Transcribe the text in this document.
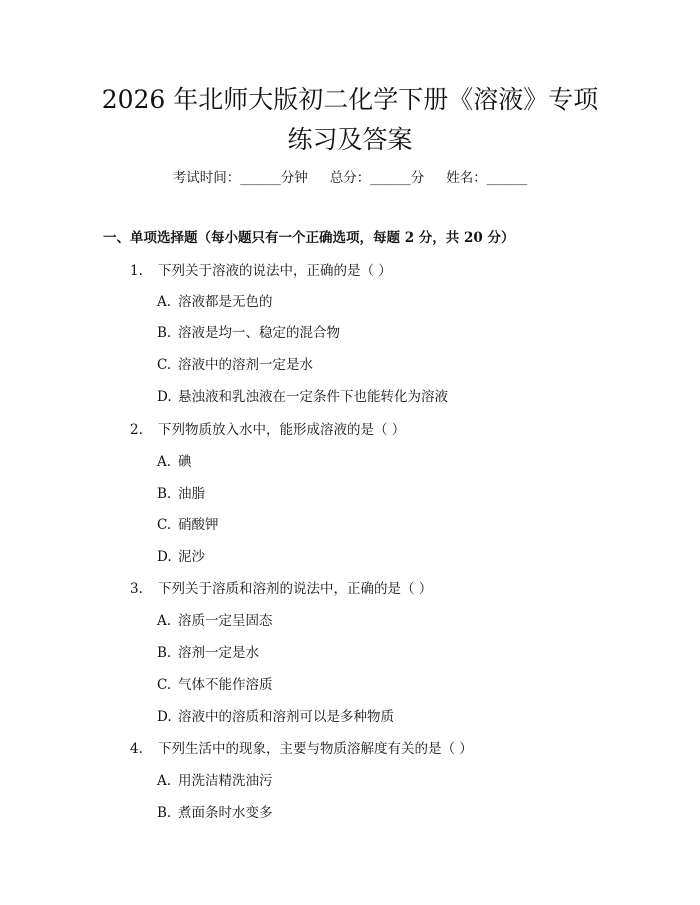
2026 年北师大版初二化学下册《溶液》专项
练习及答案
考试时间：______分钟 总分：______分 姓名：______
一、单项选择题（每小题只有一个正确选项，每题 2 分，共 20 分）
1. 下列关于溶液的说法中，正确的是（ ）
A. 溶液都是无色的
B. 溶液是均一、稳定的混合物
C. 溶液中的溶剂一定是水
D. 悬浊液和乳浊液在一定条件下也能转化为溶液
2. 下列物质放入水中，能形成溶液的是（ ）
A. 碘
B. 油脂
C. 硝酸钾
D. 泥沙
3. 下列关于溶质和溶剂的说法中，正确的是（ ）
A. 溶质一定呈固态
B. 溶剂一定是水
C. 气体不能作溶质
D. 溶液中的溶质和溶剂可以是多种物质
4. 下列生活中的现象，主要与物质溶解度有关的是（ ）
A. 用洗洁精洗油污
B. 煮面条时水变多
